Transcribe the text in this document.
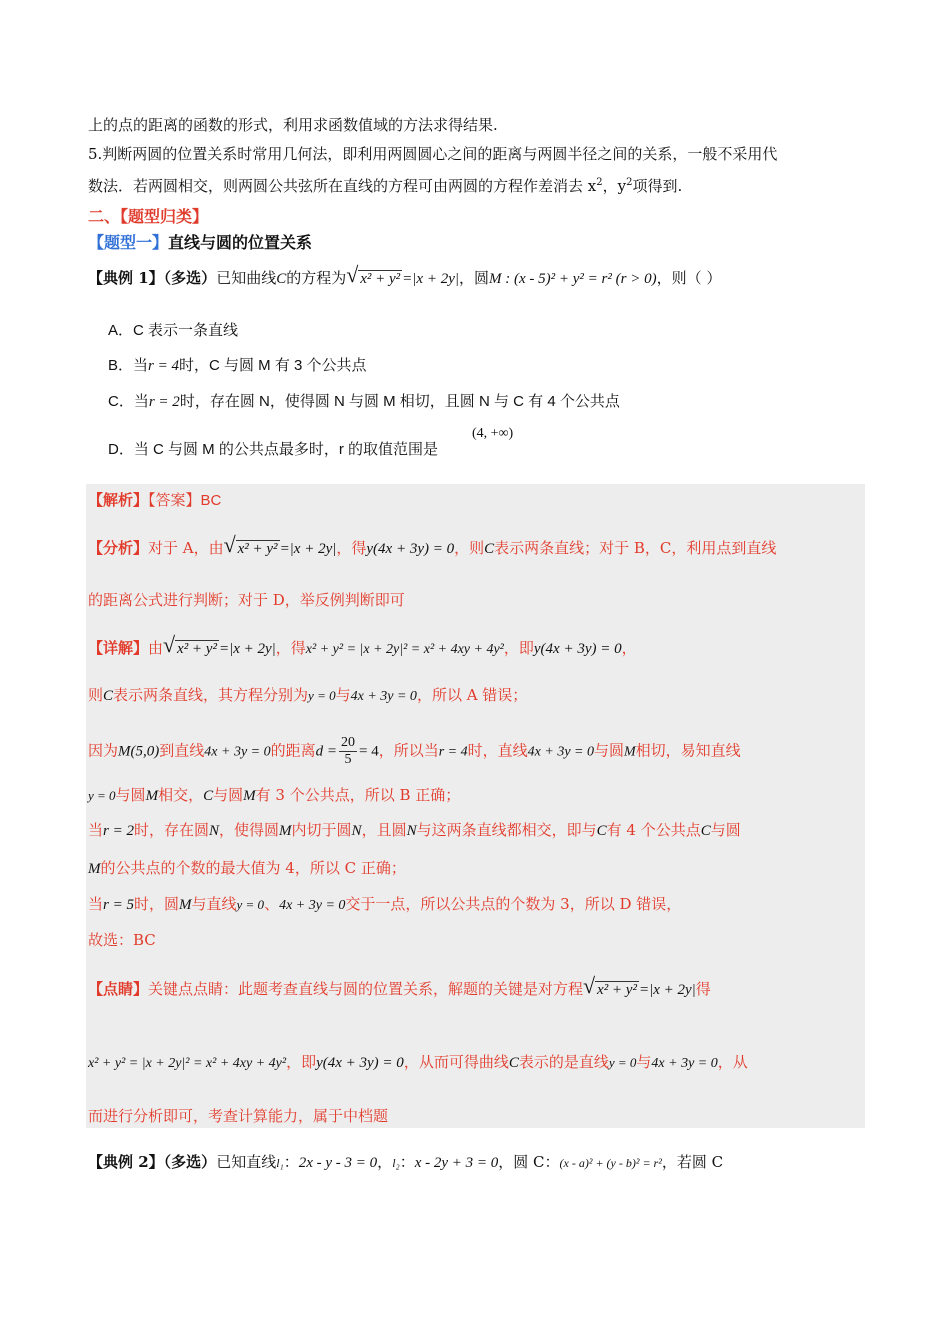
上的点的距离的函数的形式，利用求函数值域的方法求得结果.
5.判断两圆的位置关系时常用几何法，即利用两圆圆心之间的距离与两圆半径之间的关系，一般不采用代
数法．若两圆相交，则两圆公共弦所在直线的方程可由两圆的方程作差消去 $x^2$，$y^2$项得到.
二、【题型归类】
【题型一】直线与圆的位置关系
【典例 1】（多选）已知曲线C的方程为 √ x² + y² =|x + 2y|，圆M : (x - 5)² + y² = r² (r > 0)，则（ ）
A．C 表示一条直线
B．当r = 4时，C 与圆 M 有 3 个公共点
C．当r = 2时，存在圆 N，使得圆 N 与圆 M 相切，且圆 N 与 C 有 4 个公共点
D．当 C 与圆 M 的公共点最多时，r 的取值范围是
(4, +∞)
【解析】【答案】BC
【分析】对于 A，由 √ x² + y² =|x + 2y|，得y(4x + 3y) = 0，则C表示两条直线；对于 B，C，利用点到直线
的距离公式进行判断；对于 D，举反例判断即可
【详解】由 √ x² + y² =|x + 2y|，得x² + y² = |x + 2y|² = x² + 4xy + 4y²，即y(4x + 3y) = 0，
则C表示两条直线，其方程分别为y = 0与4x + 3y = 0，所以 A 错误；
因为M(5,0)到直线4x + 3y = 0的距离$d = \frac{20}{5} = 4$，所以当r = 4时，直线4x + 3y = 0与圆M相切，易知直线
y = 0与圆M相交，C与圆M有 3 个公共点，所以 B 正确；
当r = 2时，存在圆N，使得圆M内切于圆N，且圆N与这两条直线都相交，即与C有 4 个公共点C与圆
M的公共点的个数的最大值为 4，所以 C 正确；
当r = 5时，圆M与直线y = 0、4x + 3y = 0交于一点，所以公共点的个数为 3，所以 D 错误，
故选：BC
【点睛】关键点点睛：此题考查直线与圆的位置关系，解题的关键是对方程 √ x² + y² =|x + 2y|得
x² + y² = |x + 2y|² = x² + 4xy + 4y²，即y(4x + 3y) = 0，从而可得曲线C表示的是直线y = 0与4x + 3y = 0，从
而进行分析即可，考查计算能力，属于中档题
【典例 2】（多选）已知直线l₁：2x - y - 3 = 0，l₂：x - 2y + 3 = 0，圆 C：(x - a)² + (y - b)² = r²，若圆 C
